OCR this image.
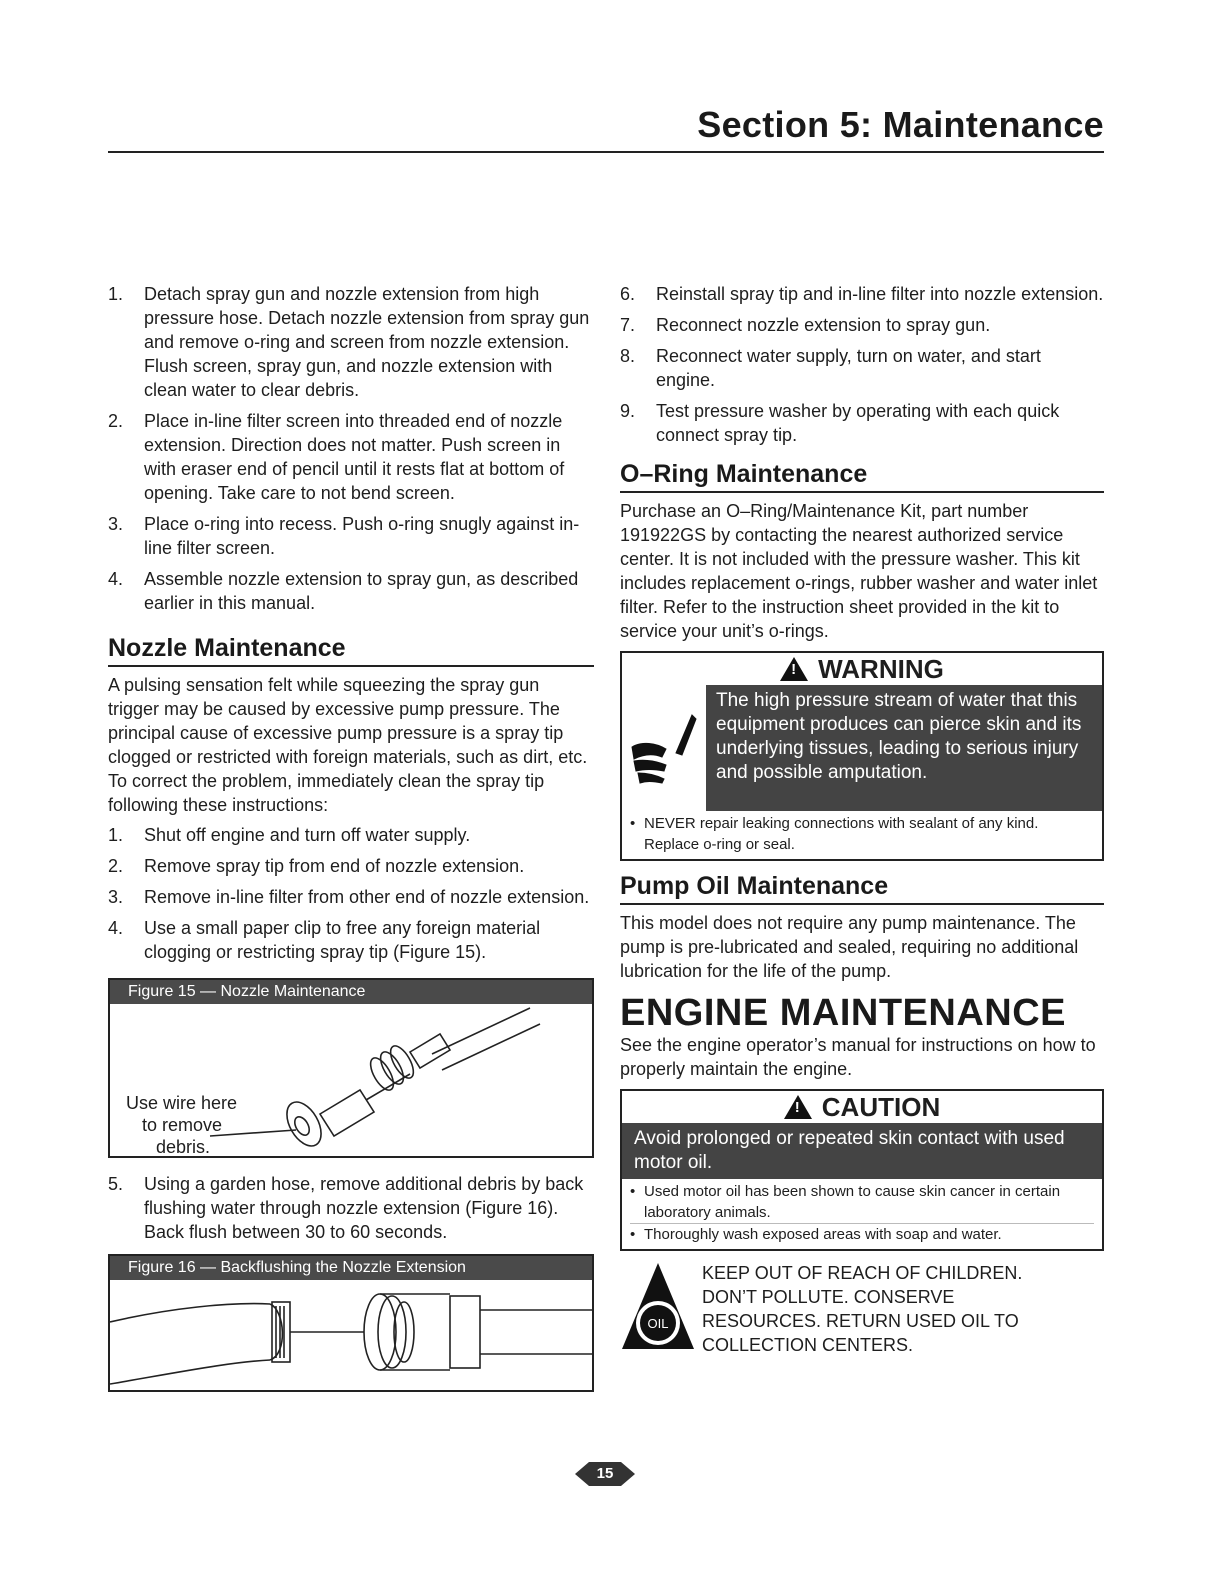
Section 5: Maintenance
1.	Detach spray gun and nozzle extension from high pressure hose. Detach nozzle extension from spray gun and remove o-ring and screen from nozzle extension. Flush screen, spray gun, and nozzle extension with clean water to clear debris.
2.	Place in-line filter screen into threaded end of nozzle extension. Direction does not matter. Push screen in with eraser end of pencil until it rests flat at bottom of opening. Take care to not bend screen.
3.	Place o-ring into recess. Push o-ring snugly against in-line filter screen.
4.	Assemble nozzle extension to spray gun, as described earlier in this manual.
Nozzle Maintenance

A pulsing sensation felt while squeezing the spray gun trigger may be caused by excessive pump pressure. The principal cause of excessive pump pressure is a spray tip clogged or restricted with foreign materials, such as dirt, etc. To correct the problem, immediately clean the spray tip following these instructions:

1.	Shut off engine and turn off water supply.
2.	Remove spray tip from end of nozzle extension.
3.	Remove in-line filter from other end of nozzle extension.
4.	Use a small paper clip to free any foreign material clogging or restricting spray tip (Figure 15).
Figure 15 — Nozzle Maintenance
Use wire here
to remove
debris.
5.	Using a garden hose, remove additional debris by back flushing water through nozzle extension (Figure 16). Back flush between 30 to 60 seconds.
Figure 16 — Backflushing the Nozzle Extension
6.	Reinstall spray tip and in-line filter into nozzle extension.
7.	Reconnect nozzle extension to spray gun.
8.	Reconnect water supply, turn on water, and start engine.
9.	Test pressure washer by operating with each quick connect spray tip.
O–Ring Maintenance

Purchase an O–Ring/Maintenance Kit, part number 191922GS by contacting the nearest authorized service center. It is not included with the pressure washer. This kit includes replacement o-rings, rubber washer and water inlet filter. Refer to the instruction sheet provided in the kit to service your unit’s o-rings.

!
WARNING
The high pressure stream of water that this equipment produces can pierce skin and its underlying tissues, leading to serious injury and possible amputation.
• NEVER repair leaking connections with sealant of any kind. Replace o-ring or seal.
Pump Oil Maintenance

This model does not require any pump maintenance. The pump is pre-lubricated and sealed, requiring no additional lubrication for the life of the pump.

ENGINE MAINTENANCE

See the engine operator’s manual for instructions on how to properly maintain the engine.

!
CAUTION
Avoid prolonged or repeated skin contact with used motor oil.
• Used motor oil has been shown to cause skin cancer in certain laboratory animals.
• Thoroughly wash exposed areas with soap and water.
OIL
KEEP OUT OF REACH OF CHILDREN.
DON’T POLLUTE. CONSERVE
RESOURCES. RETURN USED OIL TO
COLLECTION CENTERS.
15
